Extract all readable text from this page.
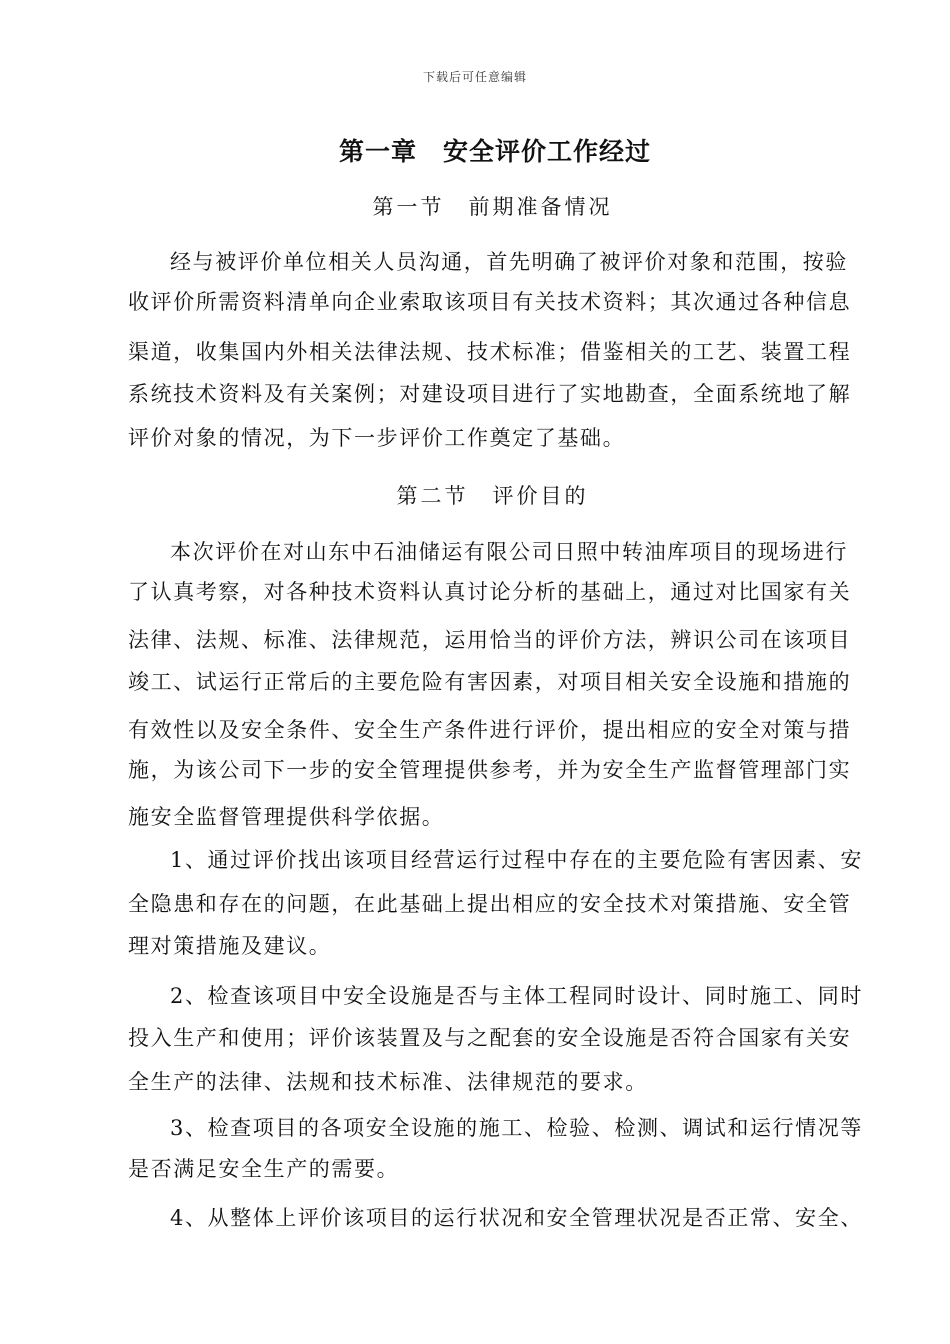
下载后可任意编辑
第一章　安全评价工作经过
第一节　前期准备情况
经与被评价单位相关人员沟通，首先明确了被评价对象和范围，按验
收评价所需资料清单向企业索取该项目有关技术资料；其次通过各种信息
渠道，收集国内外相关法律法规、技术标准；借鉴相关的工艺、装置工程
系统技术资料及有关案例；对建设项目进行了实地勘查，全面系统地了解
评价对象的情况，为下一步评价工作奠定了基础。
第二节　评价目的
本次评价在对山东中石油储运有限公司日照中转油库项目的现场进行
了认真考察，对各种技术资料认真讨论分析的基础上，通过对比国家有关
法律、法规、标准、法律规范，运用恰当的评价方法，辨识公司在该项目
竣工、试运行正常后的主要危险有害因素，对项目相关安全设施和措施的
有效性以及安全条件、安全生产条件进行评价，提出相应的安全对策与措
施，为该公司下一步的安全管理提供参考，并为安全生产监督管理部门实
施安全监督管理提供科学依据。
1、通过评价找出该项目经营运行过程中存在的主要危险有害因素、安
全隐患和存在的问题，在此基础上提出相应的安全技术对策措施、安全管
理对策措施及建议。
2、检查该项目中安全设施是否与主体工程同时设计、同时施工、同时
投入生产和使用；评价该装置及与之配套的安全设施是否符合国家有关安
全生产的法律、法规和技术标准、法律规范的要求。
3、检查项目的各项安全设施的施工、检验、检测、调试和运行情况等
是否满足安全生产的需要。
4、从整体上评价该项目的运行状况和安全管理状况是否正常、安全、
